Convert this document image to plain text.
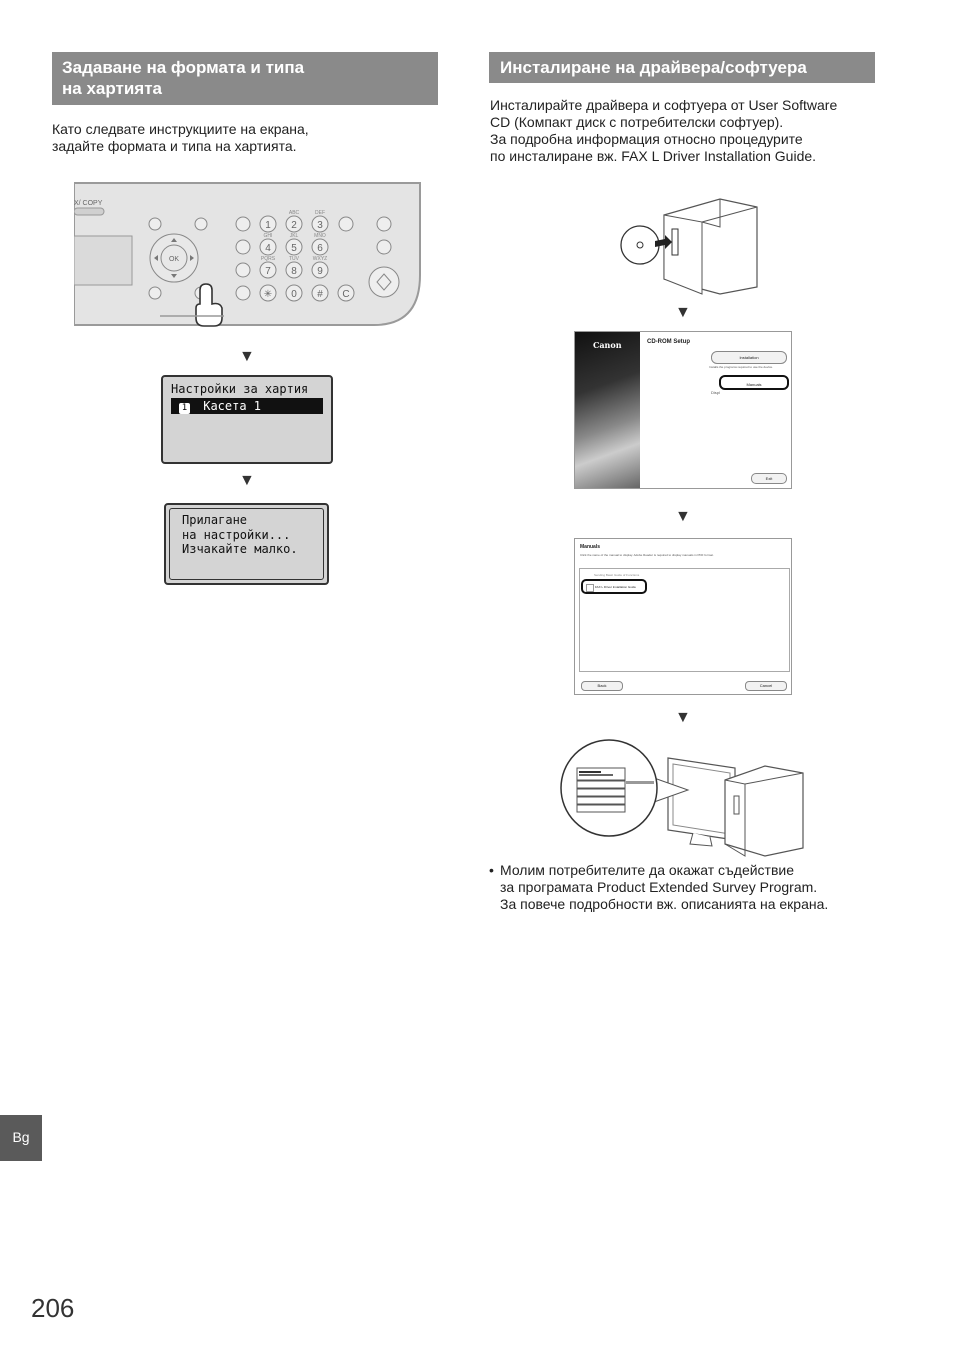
Задаване на формата и типа
на хартията
Като следвате инструкциите на екрана,
задайте формата и типа на хартията.
X/ COPY
OK
1 2
ABC
3
DEF
4
GHI
5
JKL
6
MNO
7
PQRS
8
TUV
9
WXYZ
✳ 0 # C
▼
Настройки за хартия
1 Касета 1
▼
Прилагане
на настройки...
Изчакайте малко.
Инсталиране на драйвера/софтуера
Инсталирайте драйвера и софтуера от User Software
CD (Компакт диск с потребителски софтуер).
За подробна информация относно процедурите
по инсталиране вж. FAX L Driver Installation Guide.
▼
Canon	CD-ROM Setup
Installation
Installs the programs required to use the device.
Manuals
Displ
Exit
▼
Manuals
Click the name of the manual to display. Adobe Reader is required to display manuals in PDF format.
Sending Basic Guide of Functions
FAX L Driver Installation Guide
Back	Cancel
▼
• Молим потребителите да окажат съдействие
за програмата Product Extended Survey Program.
За повече подробности вж. описанията на екрана.
Bg
206
